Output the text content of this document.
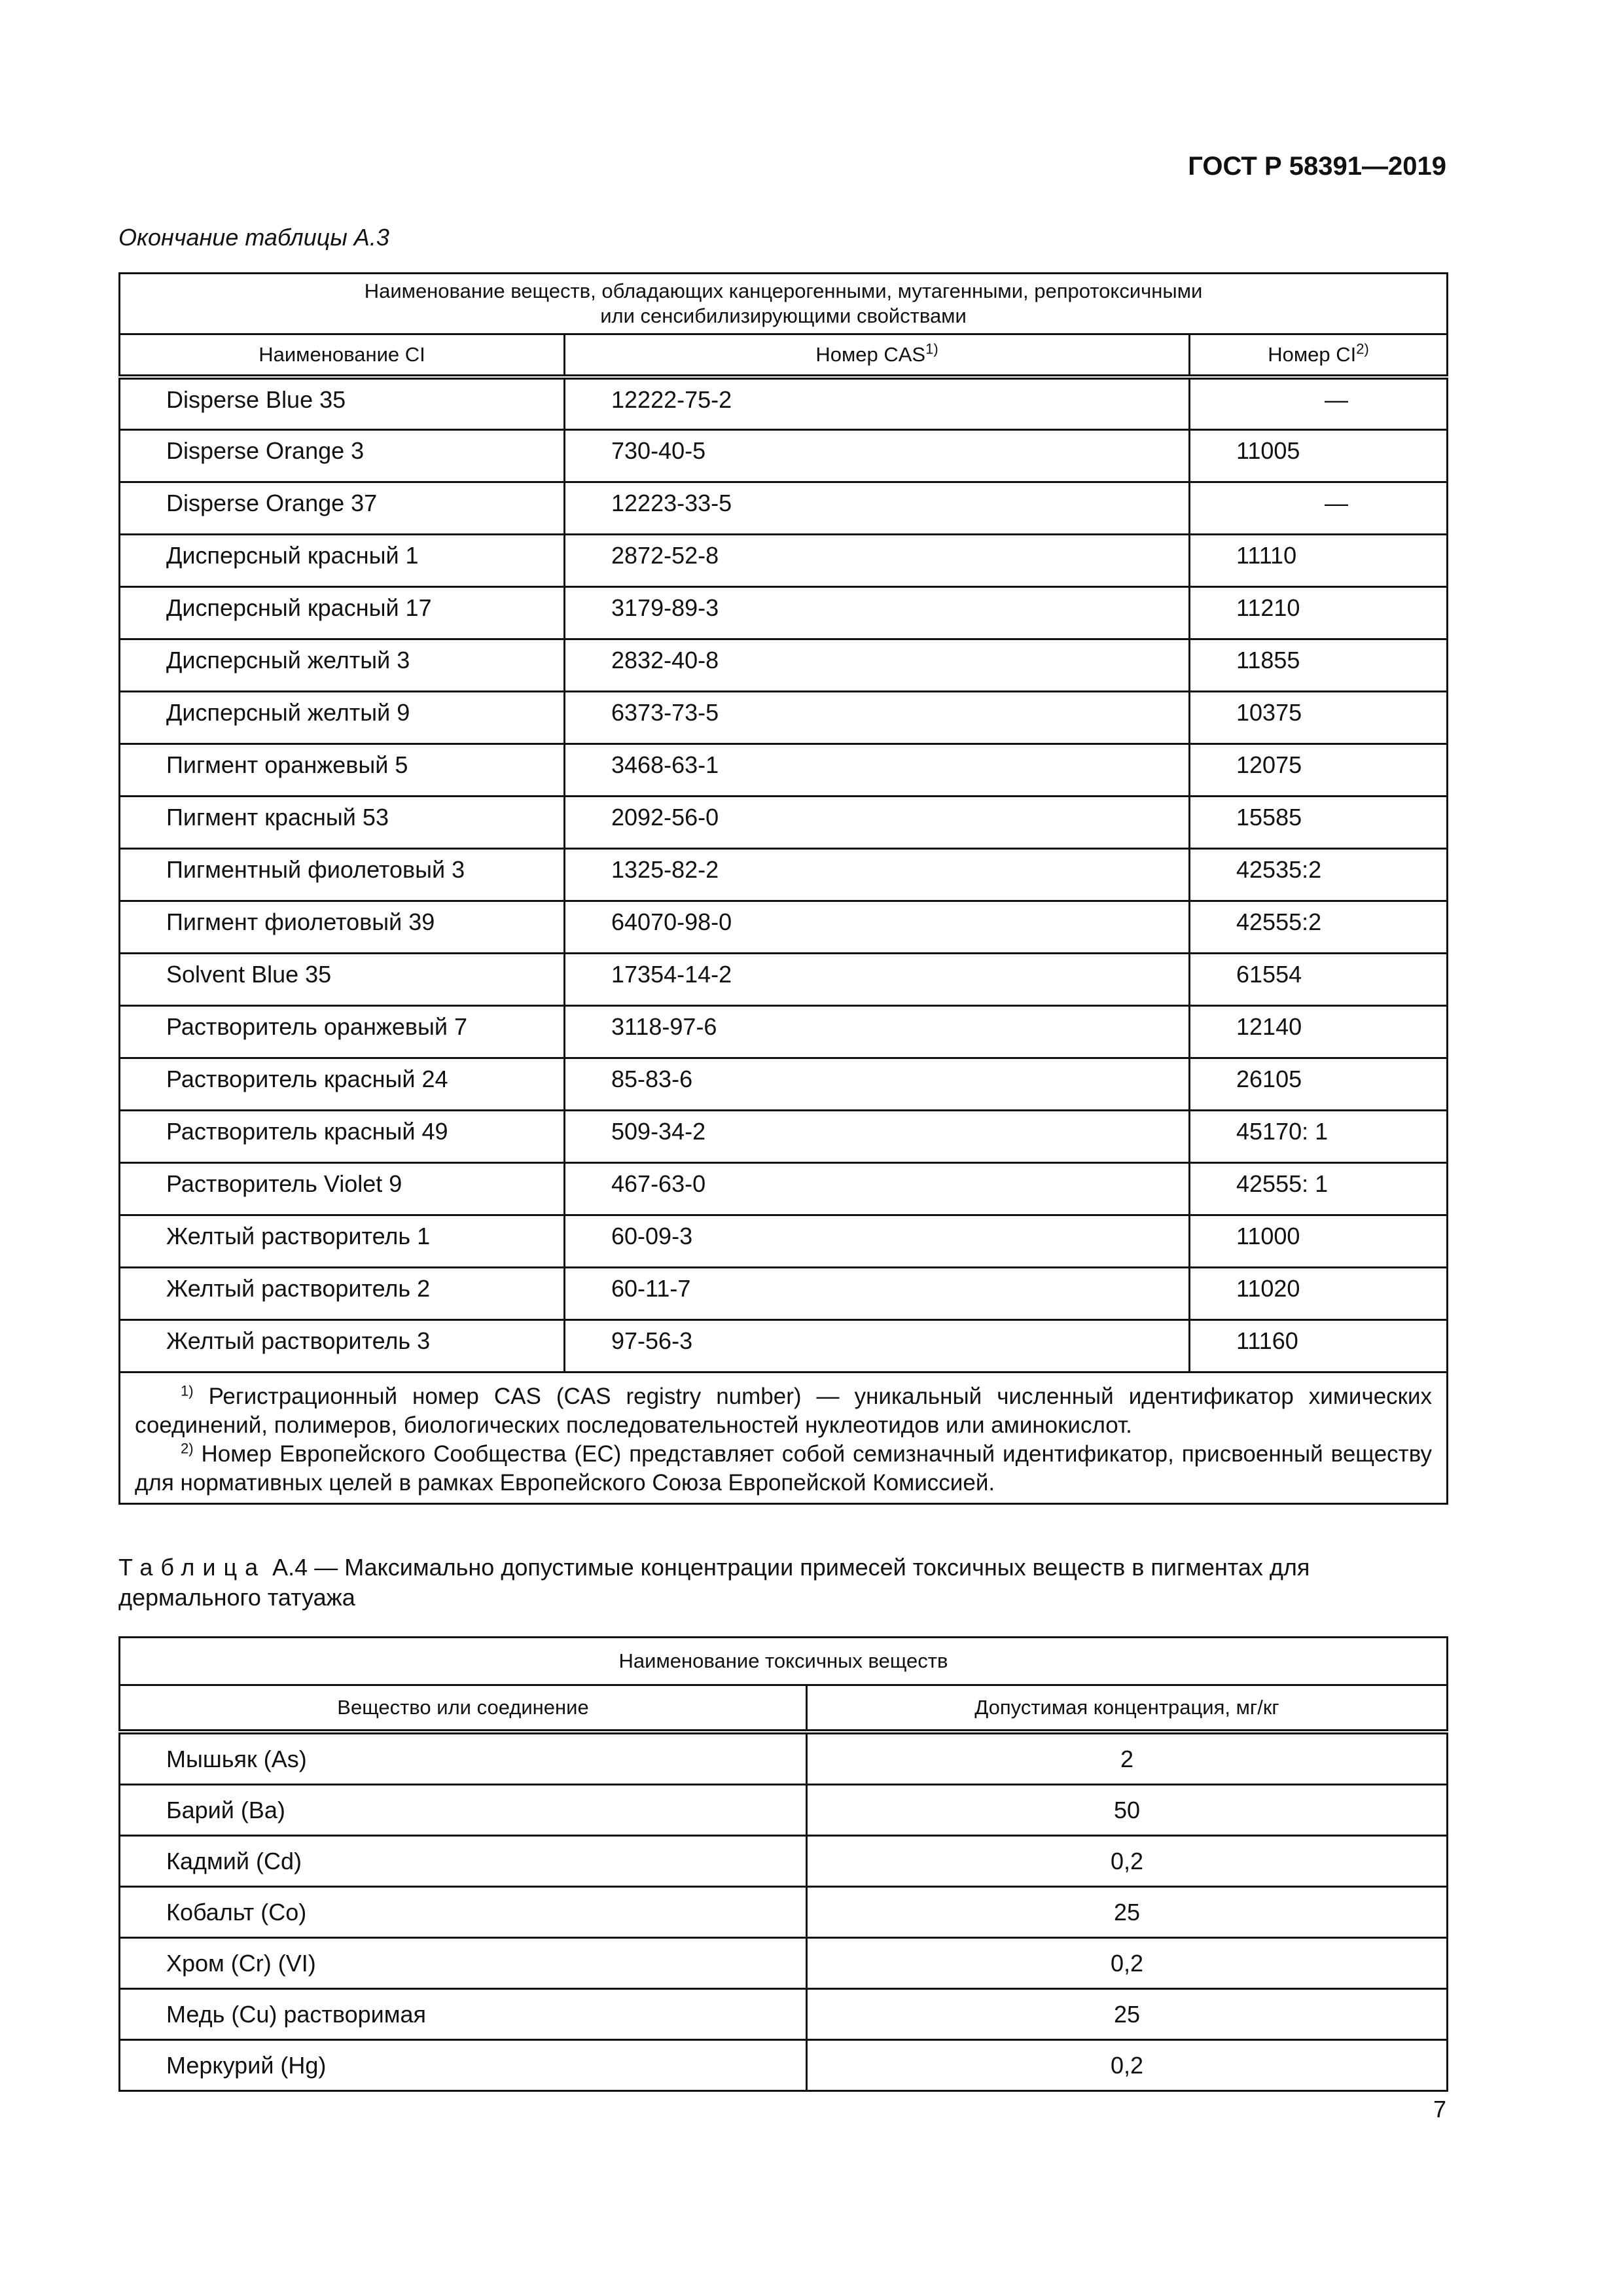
ГОСТ Р 58391—2019
Окончание таблицы А.3
Наименование веществ, обладающих канцерогенными, мутагенными, репротоксичными
или сенсибилизирующими свойствами		
Наименование CI	Номер CAS$^{1)}$	Номер CI$^{2)}$
Disperse Blue 35	12222-75-2	—
Disperse Orange 3	730-40-5	11005
Disperse Orange 37	12223-33-5	—
Дисперсный красный 1	2872-52-8	11110
Дисперсный красный 17	3179-89-3	11210
Дисперсный желтый 3	2832-40-8	11855
Дисперсный желтый 9	6373-73-5	10375
Пигмент оранжевый 5	3468-63-1	12075
Пигмент красный 53	2092-56-0	15585
Пигментный фиолетовый 3	1325-82-2	42535:2
Пигмент фиолетовый 39	64070-98-0	42555:2
Solvent Blue 35	17354-14-2	61554
Растворитель оранжевый 7	3118-97-6	12140
Растворитель красный 24	85-83-6	26105
Растворитель красный 49	509-34-2	45170: 1
Растворитель Violet 9	467-63-0	42555: 1
Желтый растворитель 1	60-09-3	11000
Желтый растворитель 2	60-11-7	11020
Желтый растворитель 3	97-56-3	11160

$^{1)}$ Регистрационный номер CAS (CAS registry number) — уникальный численный идентификатор химических соединений, полимеров, биологических последовательностей нуклеотидов или аминокислот.

$^{2)}$ Номер Европейского Сообщества (ЕС) представляет собой семизначный идентификатор, присвоенный веществу для нормативных целей в рамках Европейского Союза Европейской Комиссией.		

Таблица А.4 — Максимально допустимые концентрации примесей токсичных веществ в пигментах для дермального татуажа
Наименование токсичных веществ	
Вещество или соединение	Допустимая концентрация, мг/кг
Мышьяк (As)	2
Барий (Ва)	50
Кадмий (Cd)	0,2
Кобальт (Со)	25
Хром (Cr) (VI)	0,2
Медь (Сu) растворимая	25
Меркурий (Hg)	0,2
7
